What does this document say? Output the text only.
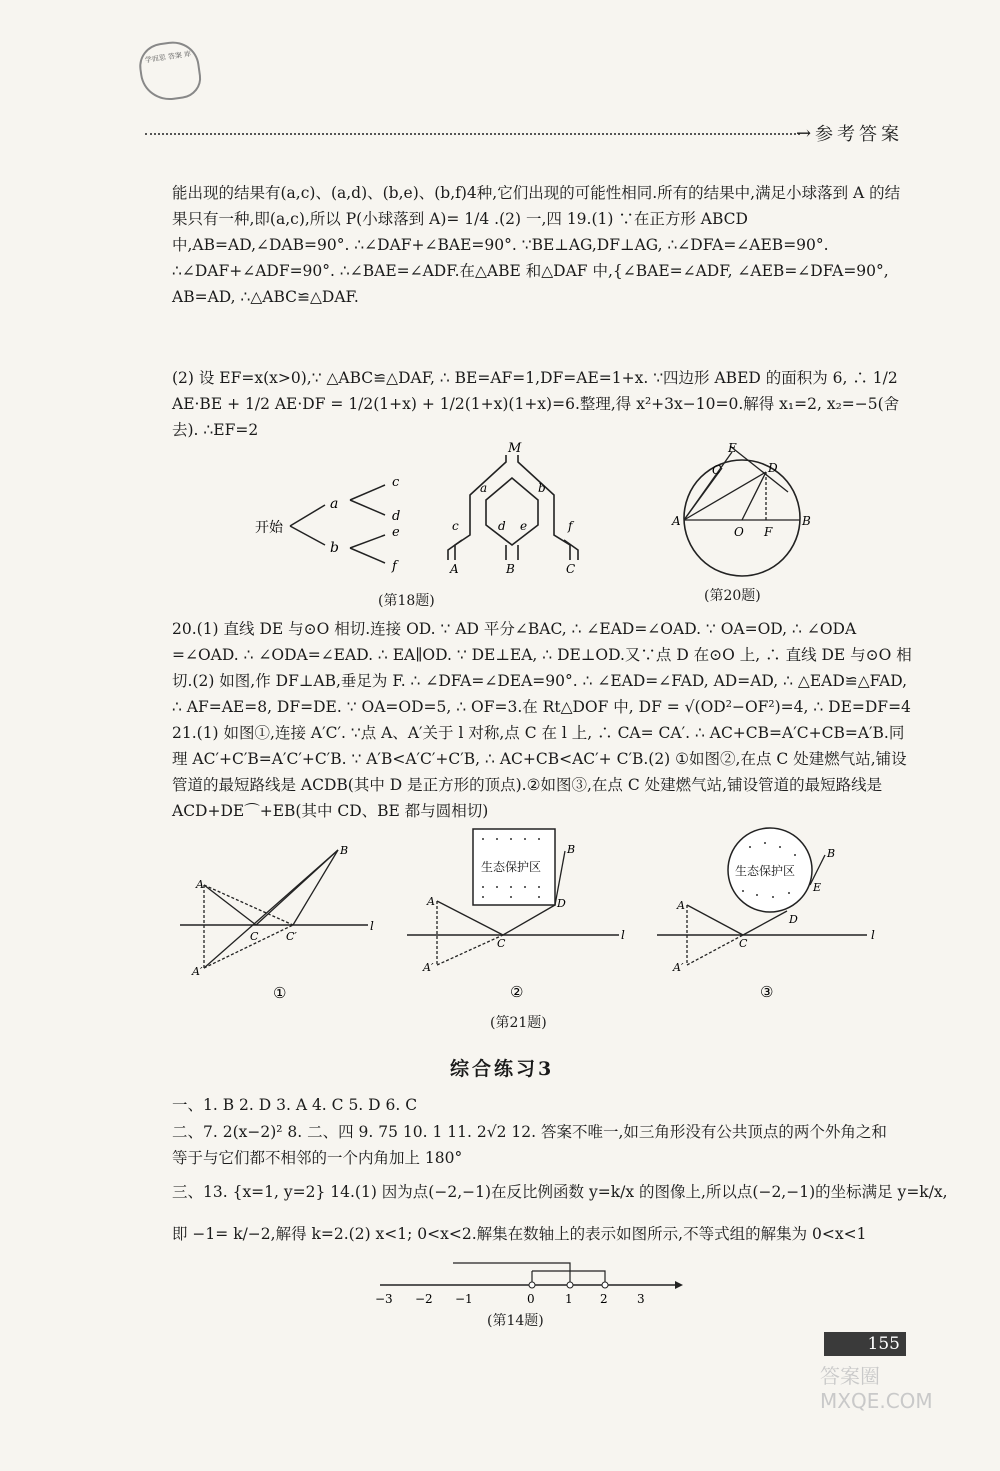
学而思 答案 库
→ 参考答案
能出现的结果有(a,c)、(a,d)、(b,e)、(b,f)4种,它们出现的可能性相同.所有的结果中,满足小球落到 A 的结果只有一种,即(a,c),所以 P(小球落到 A)= 1/4 .(2) 一,四 19.(1) ∵在正方形 ABCD 中,AB=AD,∠DAB=90°. ∴∠DAF+∠BAE=90°. ∵BE⊥AG,DF⊥AG, ∴∠DFA=∠AEB=90°. ∴∠DAF+∠ADF=90°. ∴∠BAE=∠ADF.在△ABE 和△DAF 中,{∠BAE=∠ADF, ∠AEB=∠DFA=90°, AB=AD, ∴△ABC≌△DAF.
(2) 设 EF=x(x>0),∵ △ABC≌△DAF, ∴ BE=AF=1,DF=AE=1+x. ∵四边形 ABED 的面积为 6, ∴ 1/2 AE·BE + 1/2 AE·DF = 1/2(1+x) + 1/2(1+x)(1+x)=6.整理,得 x²+3x−10=0.解得 x₁=2, x₂=−5(舍去). ∴EF=2
开始
a
b
c
d
e
f
M
a	b
c	d e	f
A	B	C
(第18题)
E
C	D
A
O F
B
(第20题)
20.(1) 直线 DE 与⊙O 相切.连接 OD. ∵ AD 平分∠BAC, ∴ ∠EAD=∠OAD. ∵ OA=OD, ∴ ∠ODA =∠OAD. ∴ ∠ODA=∠EAD. ∴ EA∥OD. ∵ DE⊥EA, ∴ DE⊥OD.又∵点 D 在⊙O 上, ∴ 直线 DE 与⊙O 相切.(2) 如图,作 DF⊥AB,垂足为 F. ∴ ∠DFA=∠DEA=90°. ∴ ∠EAD=∠FAD, AD=AD, ∴ △EAD≌△FAD, ∴ AF=AE=8, DF=DE. ∵ OA=OD=5, ∴ OF=3.在 Rt△DOF 中, DF = √(OD²−OF²)=4, ∴ DE=DF=4 21.(1) 如图①,连接 A′C′. ∵点 A、A′关于 l 对称,点 C 在 l 上, ∴ CA= CA′. ∴ AC+CB=A′C+CB=A′B.同理 AC′+C′B=A′C′+C′B. ∵ A′B<A′C′+C′B, ∴ AC+CB<AC′+ C′B.(2) ①如图②,在点 C 处建燃气站,铺设管道的最短路线是 ACDB(其中 D 是正方形的顶点).②如图③,在点 C 处建燃气站,铺设管道的最短路线是 ACD+DE⌒+EB(其中 CD、BE 都与圆相切)
l
A
B
C	C′
A′
①
生态保护区
l
A
B
D
C
A′
②
生态保护区
l
A
B
E
D
C
A′
③
(第21题)
综合练习3
一、1. B 2. D 3. A 4. C 5. D 6. C
二、7. 2(x−2)² 8. 二、四 9. 75 10. 1 11. 2√2 12. 答案不唯一,如三角形没有公共顶点的两个外角之和
等于与它们都不相邻的一个内角加上 180°
三、13. {x=1, y=2} 14.(1) 因为点(−2,−1)在反比例函数 y=k/x 的图像上,所以点(−2,−1)的坐标满足 y=k/x,
即 −1= k/−2,解得 k=2.(2) x<1; 0<x<2.解集在数轴上的表示如图所示,不等式组的解集为 0<x<1
−3 −2 −1	0	1 2 3
(第14题)
155
答案圈 MXQE.COM
